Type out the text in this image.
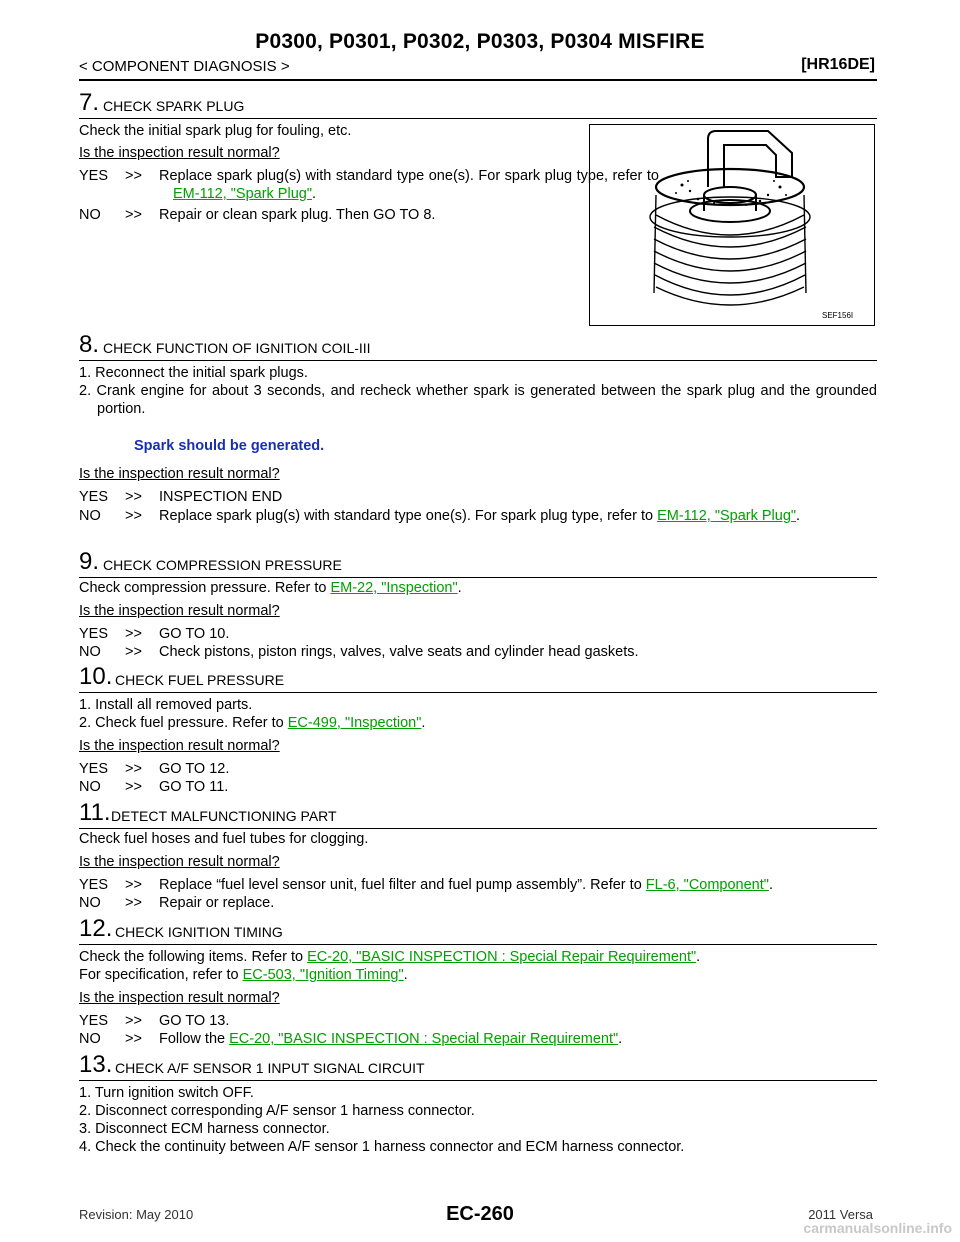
P0300, P0301, P0302, P0303, P0304 MISFIRE
< COMPONENT DIAGNOSIS >	[HR16DE]
7. CHECK SPARK PLUG
Check the initial spark plug for fouling, etc.
Is the inspection result normal?
YES >> Replace spark plug(s) with standard type one(s). For spark plug type, refer to EM-112, "Spark Plug".
NO >> Repair or clean spark plug. Then GO TO 8.
SEF156I
8. CHECK FUNCTION OF IGNITION COIL-III
1. Reconnect the initial spark plugs.
2. Crank engine for about 3 seconds, and recheck whether spark is generated between the spark plug and the grounded portion.
Spark should be generated.
Is the inspection result normal?
YES >> INSPECTION END
NO >> Replace spark plug(s) with standard type one(s). For spark plug type, refer to EM-112, "Spark Plug".
9. CHECK COMPRESSION PRESSURE
Check compression pressure. Refer to EM-22, "Inspection".
Is the inspection result normal?
YES >> GO TO 10.
NO >> Check pistons, piston rings, valves, valve seats and cylinder head gaskets.
10. CHECK FUEL PRESSURE
1. Install all removed parts.
2. Check fuel pressure. Refer to EC-499, "Inspection".
Is the inspection result normal?
YES >> GO TO 12.
NO >> GO TO 11.
11. DETECT MALFUNCTIONING PART
Check fuel hoses and fuel tubes for clogging.
Is the inspection result normal?
YES >> Replace “fuel level sensor unit, fuel filter and fuel pump assembly”. Refer to FL-6, "Component".
NO >> Repair or replace.
12. CHECK IGNITION TIMING
Check the following items. Refer to EC-20, "BASIC INSPECTION : Special Repair Requirement".
For specification, refer to EC-503, "Ignition Timing".
Is the inspection result normal?
YES >> GO TO 13.
NO >> Follow the EC-20, "BASIC INSPECTION : Special Repair Requirement".
13. CHECK A/F SENSOR 1 INPUT SIGNAL CIRCUIT
1. Turn ignition switch OFF.
2. Disconnect corresponding A/F sensor 1 harness connector.
3. Disconnect ECM harness connector.
4. Check the continuity between A/F sensor 1 harness connector and ECM harness connector.
Revision: May 2010	EC-260	2011 Versa
carmanualsonline.info
